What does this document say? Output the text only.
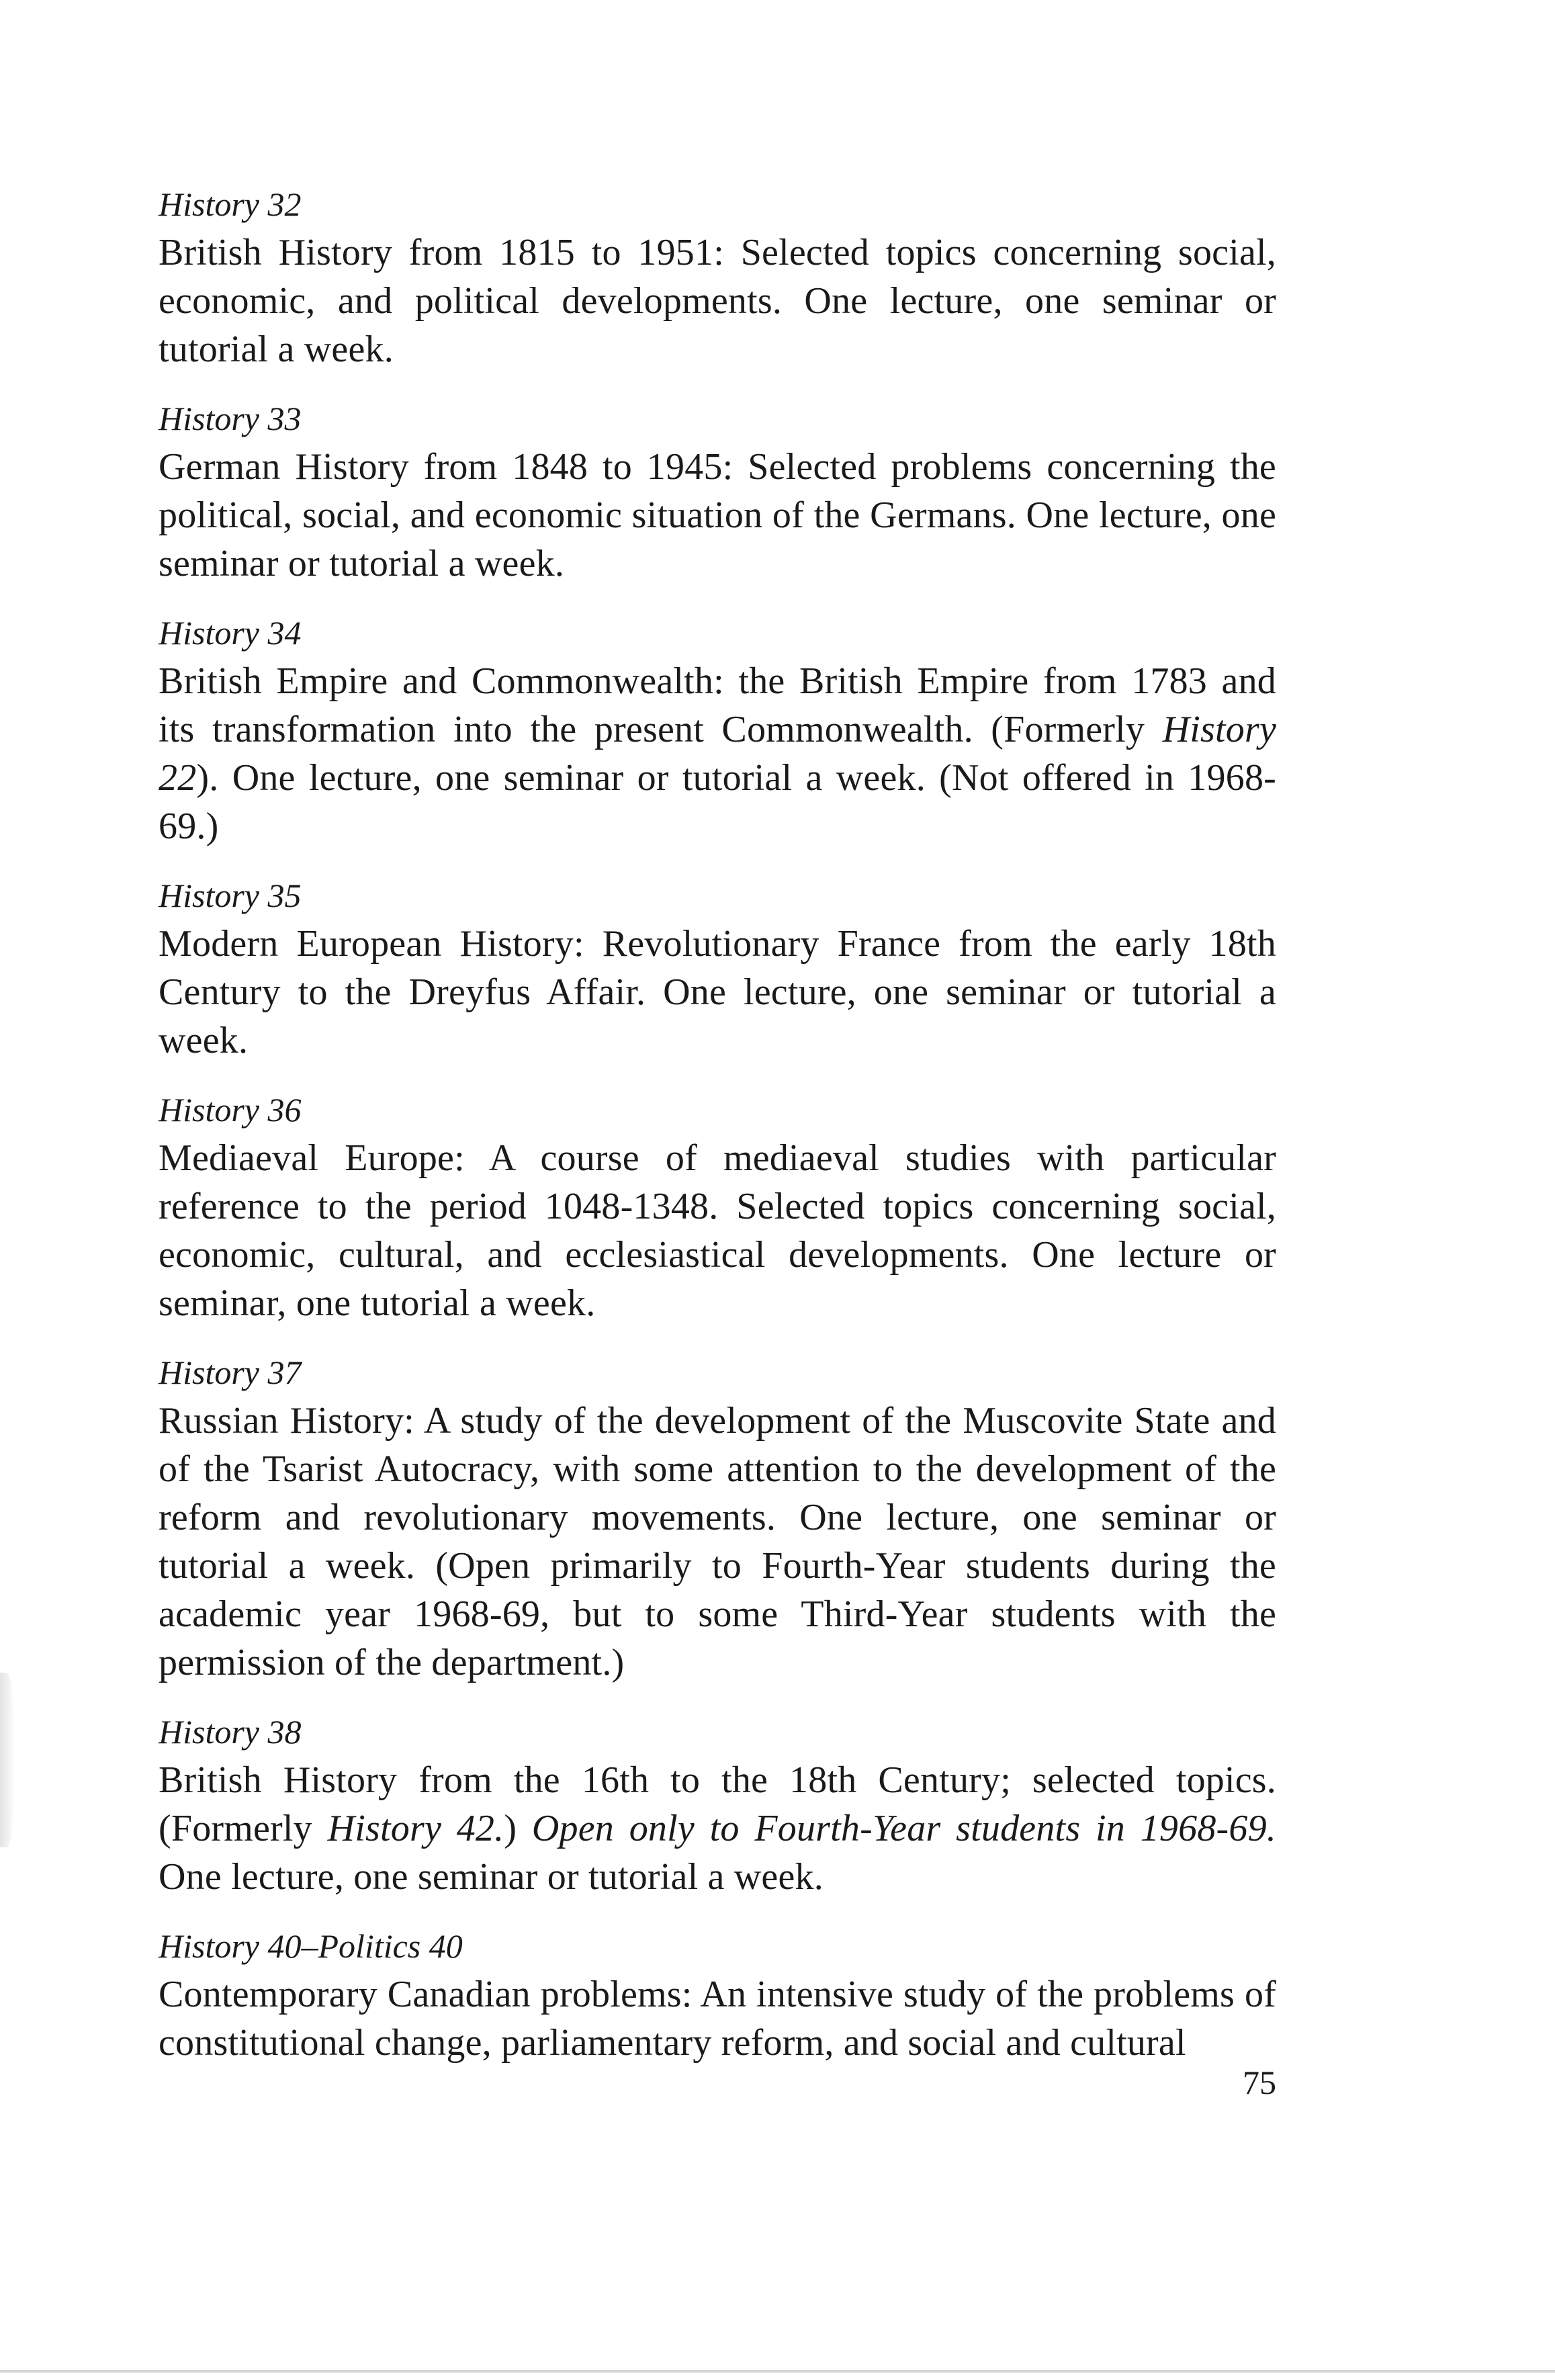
History 32
British History from 1815 to 1951: Selected topics concerning social, economic, and political developments. One lecture, one seminar or tutorial a week.
History 33
German History from 1848 to 1945: Selected problems concerning the political, social, and economic situation of the Germans. One lecture, one seminar or tutorial a week.
History 34
British Empire and Commonwealth: the British Empire from 1783 and its transformation into the present Commonwealth. (Formerly History 22). One lecture, one seminar or tutorial a week. (Not offered in 1968-69.)
History 35
Modern European History: Revolutionary France from the early 18th Century to the Dreyfus Affair. One lecture, one seminar or tutorial a week.
History 36
Mediaeval Europe: A course of mediaeval studies with particular reference to the period 1048-1348. Selected topics concerning social, economic, cultural, and ecclesiastical developments. One lecture or seminar, one tutorial a week.
History 37
Russian History: A study of the development of the Muscovite State and of the Tsarist Autocracy, with some attention to the development of the reform and revolutionary movements. One lecture, one seminar or tutorial a week. (Open primarily to Fourth-Year students during the academic year 1968-69, but to some Third-Year students with the permission of the department.)
History 38
British History from the 16th to the 18th Century; selected topics. (Formerly History 42.) Open only to Fourth-Year students in 1968-69. One lecture, one seminar or tutorial a week.
History 40–Politics 40
Contemporary Canadian problems: An intensive study of the problems of constitutional change, parliamentary reform, and social and cultural
75
